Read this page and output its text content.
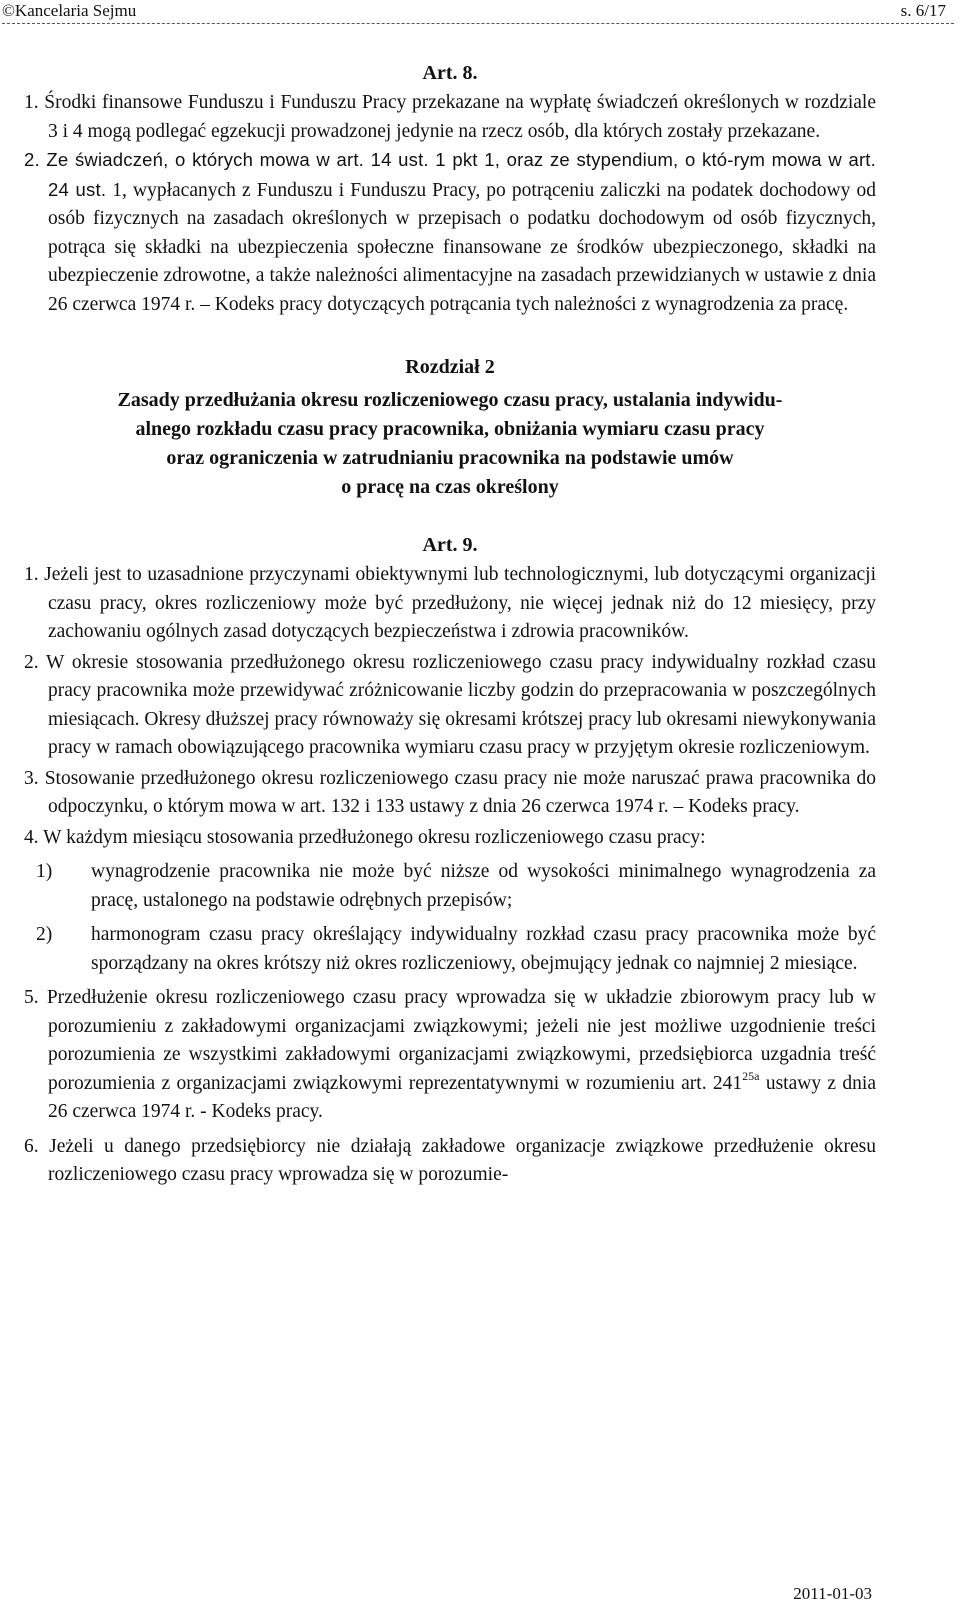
©Kancelaria Sejmu	s. 6/17
Art. 8.

1. Środki finansowe Funduszu i Funduszu Pracy przekazane na wypłatę świadczeń określonych w rozdziale 3 i 4 mogą podlegać egzekucji prowadzonej jedynie na rzecz osób, dla których zostały przekazane.

2. Ze świadczeń, o których mowa w art. 14 ust. 1 pkt 1, oraz ze stypendium, o któ-rym mowa w art. 24 ust. 1, wypłacanych z Funduszu i Funduszu Pracy, po potrąceniu zaliczki na podatek dochodowy od osób fizycznych na zasadach określonych w przepisach o podatku dochodowym od osób fizycznych, potrąca się składki na ubezpieczenia społeczne finansowane ze środków ubezpieczonego, składki na ubezpieczenie zdrowotne, a także należności alimentacyjne na zasadach przewidzianych w ustawie z dnia 26 czerwca 1974 r. – Kodeks pracy dotyczących potrącania tych należności z wynagrodzenia za pracę.

Rozdział 2
Zasady przedłużania okresu rozliczeniowego czasu pracy, ustalania indywidu-
alnego rozkładu czasu pracy pracownika, obniżania wymiaru czasu pracy
oraz ograniczenia w zatrudnianiu pracownika na podstawie umów
o pracę na czas określony
Art. 9.

1. Jeżeli jest to uzasadnione przyczynami obiektywnymi lub technologicznymi, lub dotyczącymi organizacji czasu pracy, okres rozliczeniowy może być przedłużony, nie więcej jednak niż do 12 miesięcy, przy zachowaniu ogólnych zasad dotyczących bezpieczeństwa i zdrowia pracowników.

2. W okresie stosowania przedłużonego okresu rozliczeniowego czasu pracy indywidualny rozkład czasu pracy pracownika może przewidywać zróżnicowanie liczby godzin do przepracowania w poszczególnych miesiącach. Okresy dłuższej pracy równoważy się okresami krótszej pracy lub okresami niewykonywania pracy w ramach obowiązującego pracownika wymiaru czasu pracy w przyjętym okresie rozliczeniowym.

3. Stosowanie przedłużonego okresu rozliczeniowego czasu pracy nie może naruszać prawa pracownika do odpoczynku, o którym mowa w art. 132 i 133 ustawy z dnia 26 czerwca 1974 r. – Kodeks pracy.

4. W każdym miesiącu stosowania przedłużonego okresu rozliczeniowego czasu pracy:

1) wynagrodzenie pracownika nie może być niższe od wysokości minimalnego wynagrodzenia za pracę, ustalonego na podstawie odrębnych przepisów;
2) harmonogram czasu pracy określający indywidualny rozkład czasu pracy pracownika może być sporządzany na okres krótszy niż okres rozliczeniowy, obejmujący jednak co najmniej 2 miesiące.

5. Przedłużenie okresu rozliczeniowego czasu pracy wprowadza się w układzie zbiorowym pracy lub w porozumieniu z zakładowymi organizacjami związkowymi; jeżeli nie jest możliwe uzgodnienie treści porozumienia ze wszystkimi zakładowymi organizacjami związkowymi, przedsiębiorca uzgadnia treść porozumienia z organizacjami związkowymi reprezentatywnymi w rozumieniu art. $241^{25a}$ ustawy z dnia 26 czerwca 1974 r. - Kodeks pracy.

6. Jeżeli u danego przedsiębiorcy nie działają zakładowe organizacje związkowe przedłużenie okresu rozliczeniowego czasu pracy wprowadza się w porozumie-

2011-01-03
